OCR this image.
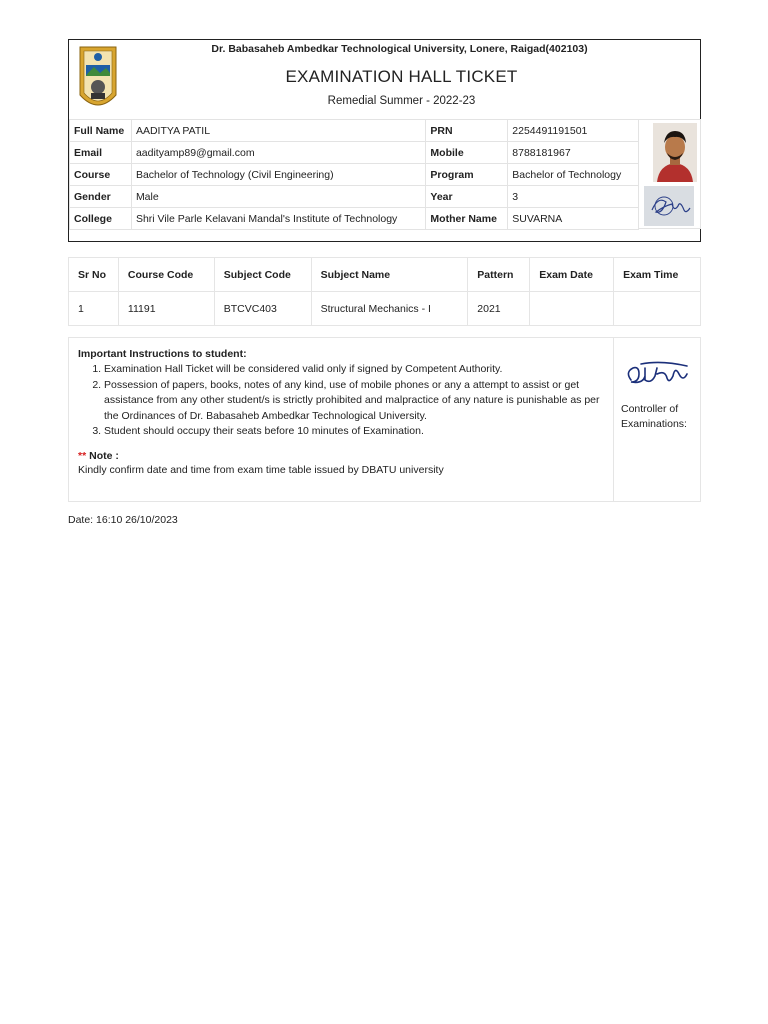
Dr. Babasaheb Ambedkar Technological University, Lonere, Raigad(402103)
EXAMINATION HALL TICKET
Remedial Summer - 2022-23
Full Name	AADITYA PATIL	PRN	2254491191501
Email	aadityamp89@gmail.com	Mobile	8788181967
Course	Bachelor of Technology (Civil Engineering)	Program	Bachelor of Technology
Gender	Male	Year	3
College	Shri Vile Parle Kelavani Mandal's Institute of Technology	Mother Name	SUVARNA
Sr No	Course Code	Subject Code	Subject Name	Pattern	Exam Date	Exam Time
1	11191	BTCVC403	Structural Mechanics - I	2021		
Important Instructions to student:
1. Examination Hall Ticket will be considered valid only if signed by Competent Authority.
2. Possession of papers, books, notes of any kind, use of mobile phones or any a attempt to assist or get assistance from any other student/s is strictly prohibited and malpractice of any nature is punishable as per the Ordinances of Dr. Babasaheb Ambedkar Technological University.
3. Student should occupy their seats before 10 minutes of Examination.
** Note :
Kindly confirm date and time from exam time table issued by DBATU university
Controller of Examinations:
Date: 16:10 26/10/2023
